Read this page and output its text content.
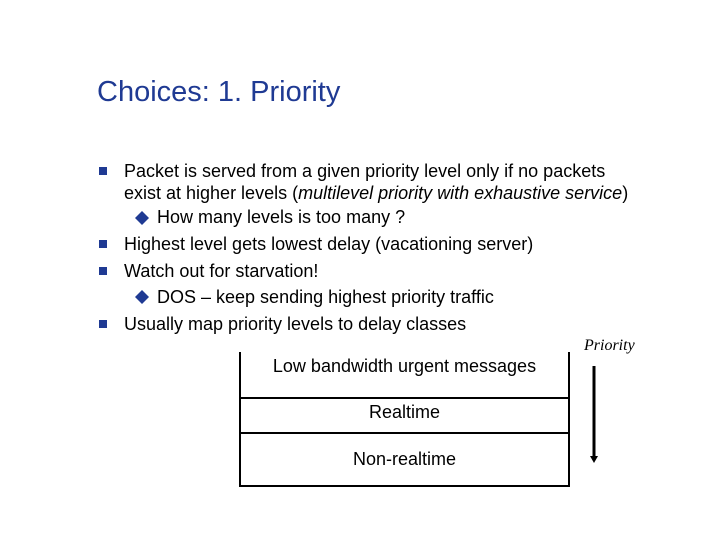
Choices: 1. Priority
Packet is served from a given priority level only if no packets
exist at higher levels (multilevel priority with exhaustive service)
How many levels is too many ?
Highest level gets lowest delay (vacationing server)
Watch out for starvation!
DOS – keep sending highest priority traffic
Usually map priority levels to delay classes
Low bandwidth urgent messages
Realtime
Non-realtime
Priority
